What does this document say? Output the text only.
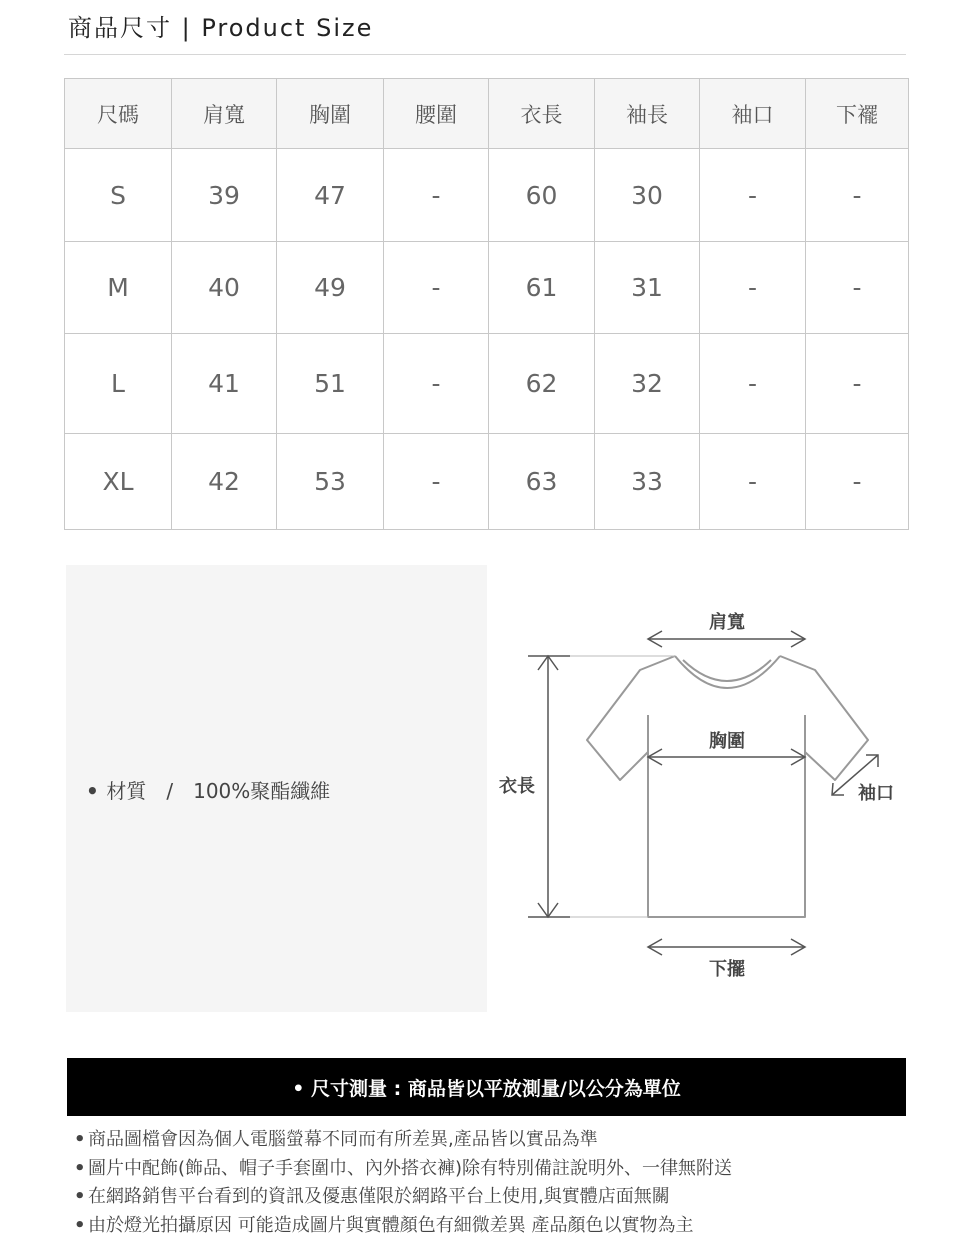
商品尺寸 | Product Size
尺碼	肩寬	胸圍	腰圍	衣長	袖長	袖口	下襬
S	39	47	-	60	30	-	-
M	40	49	-	61	31	-	-
L	41	51	-	62	32	-	-
XL	42	53	-	63	33	-	-
• 材質　/　100%聚酯纖維
肩寬
胸圍
衣長	袖口
下擺
• 尺寸測量 : 商品皆以平放測量/以公分為單位
• 商品圖檔會因為個人電腦螢幕不同而有所差異,產品皆以實品為準
• 圖片中配飾(飾品、帽子手套圍巾、內外搭衣褲)除有特別備註說明外、一律無附送
• 在網路銷售平台看到的資訊及優惠僅限於網路平台上使用,與實體店面無關
• 由於燈光拍攝原因 可能造成圖片與實體顏色有細微差異 產品顏色以實物為主
